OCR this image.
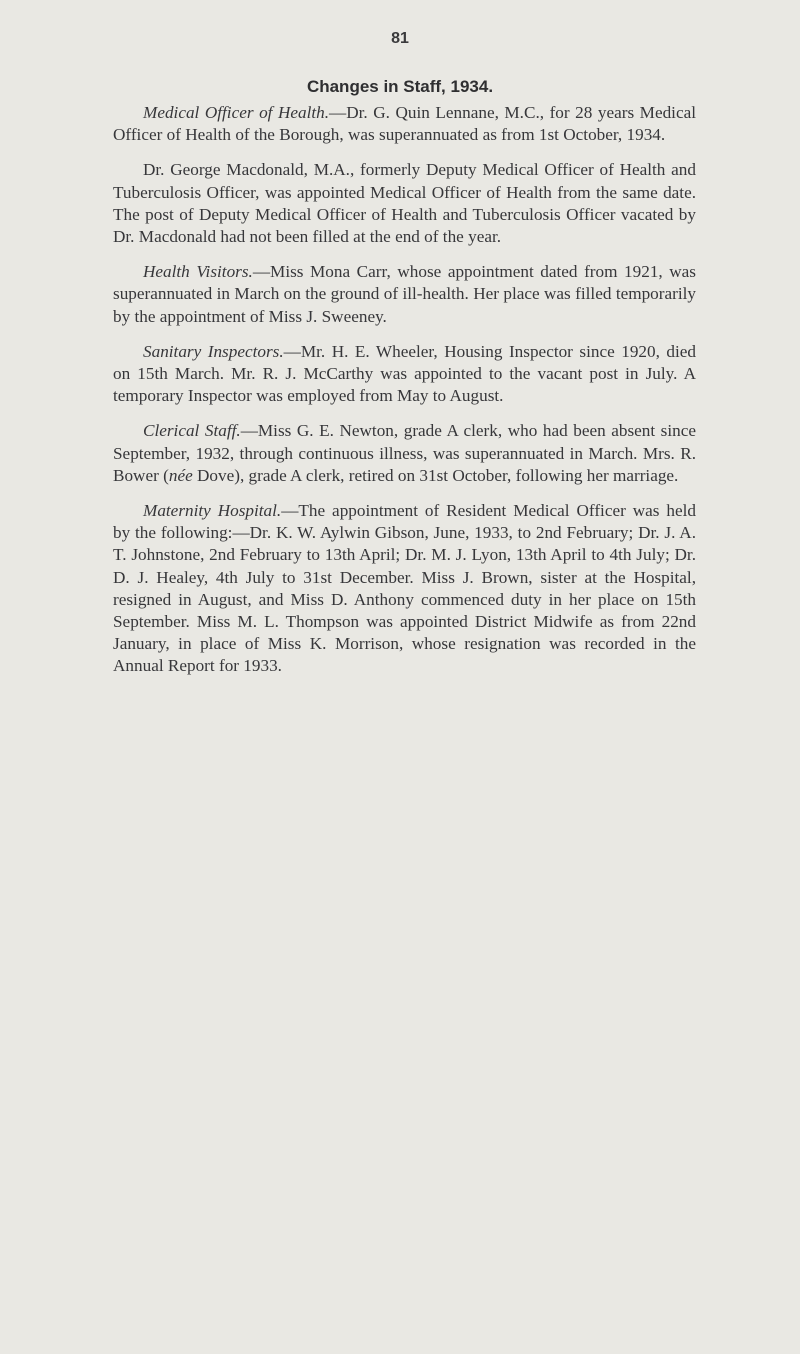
81
Changes in Staff, 1934.

Medical Officer of Health.—Dr. G. Quin Lennane, M.C., for 28 years Medical Officer of Health of the Borough, was superannuated as from 1st October, 1934.

Dr. George Macdonald, M.A., formerly Deputy Medical Officer of Health and Tuberculosis Officer, was appointed Medical Officer of Health from the same date. The post of Deputy Medical Officer of Health and Tuberculosis Officer vacated by Dr. Macdonald had not been filled at the end of the year.

Health Visitors.—Miss Mona Carr, whose appointment dated from 1921, was superannuated in March on the ground of ill-health. Her place was filled temporarily by the appointment of Miss J. Sweeney.

Sanitary Inspectors.—Mr. H. E. Wheeler, Housing Inspector since 1920, died on 15th March. Mr. R. J. McCarthy was appointed to the vacant post in July. A temporary Inspector was employed from May to August.

Clerical Staff.—Miss G. E. Newton, grade A clerk, who had been absent since September, 1932, through continuous illness, was superannuated in March. Mrs. R. Bower (née Dove), grade A clerk, retired on 31st October, following her marriage.

Maternity Hospital.—The appointment of Resident Medical Officer was held by the following:—Dr. K. W. Aylwin Gibson, June, 1933, to 2nd February; Dr. J. A. T. Johnstone, 2nd February to 13th April; Dr. M. J. Lyon, 13th April to 4th July; Dr. D. J. Healey, 4th July to 31st December. Miss J. Brown, sister at the Hospital, resigned in August, and Miss D. Anthony commenced duty in her place on 15th September. Miss M. L. Thompson was appointed District Midwife as from 22nd January, in place of Miss K. Morrison, whose resignation was recorded in the Annual Report for 1933.
